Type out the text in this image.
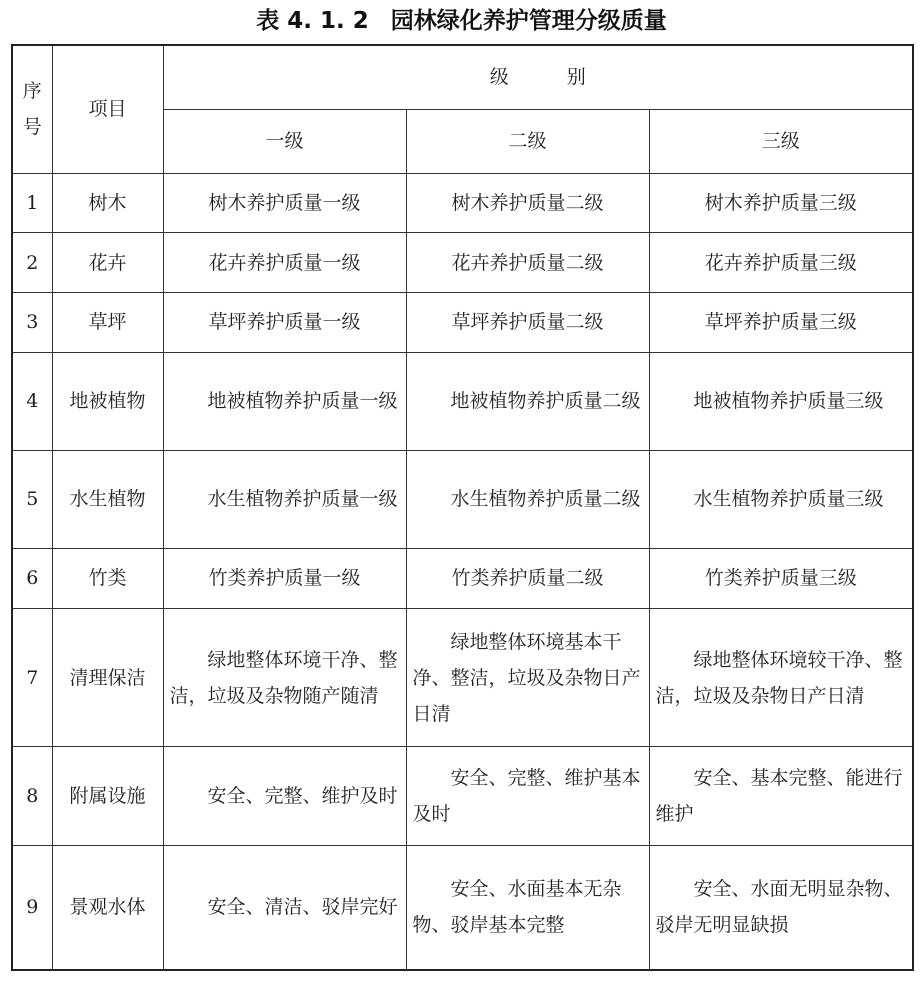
表 4. 1. 2 园林绿化养护管理分级质量
序
号	项目	级 别		
		一级	二级	三级
1	树木	树木养护质量一级	树木养护质量二级	树木养护质量三级
2	花卉	花卉养护质量一级	花卉养护质量二级	花卉养护质量三级
3	草坪	草坪养护质量一级	草坪养护质量二级	草坪养护质量三级
4	地被植物	地被植物养护质量一级	地被植物养护质量二级	地被植物养护质量三级

5	水生植物	水生植物养护质量一级	水生植物养护质量二级	水生植物养护质量三级

6	竹类	竹类养护质量一级	竹类养护质量二级	竹类养护质量三级
7	清理保洁	绿地整体环境干净、整洁，垃圾及杂物随产随清	绿地整体环境基本干净、整洁，垃圾及杂物日产日清	绿地整体环境较干净、整洁，垃圾及杂物日产日清

8	附属设施	安全、完整、维护及时	安全、完整、维护基本及时	安全、基本完整、能进行维护

9	景观水体	安全、清洁、驳岸完好	安全、水面基本无杂物、驳岸基本完整	安全、水面无明显杂物、驳岸无明显缺损
